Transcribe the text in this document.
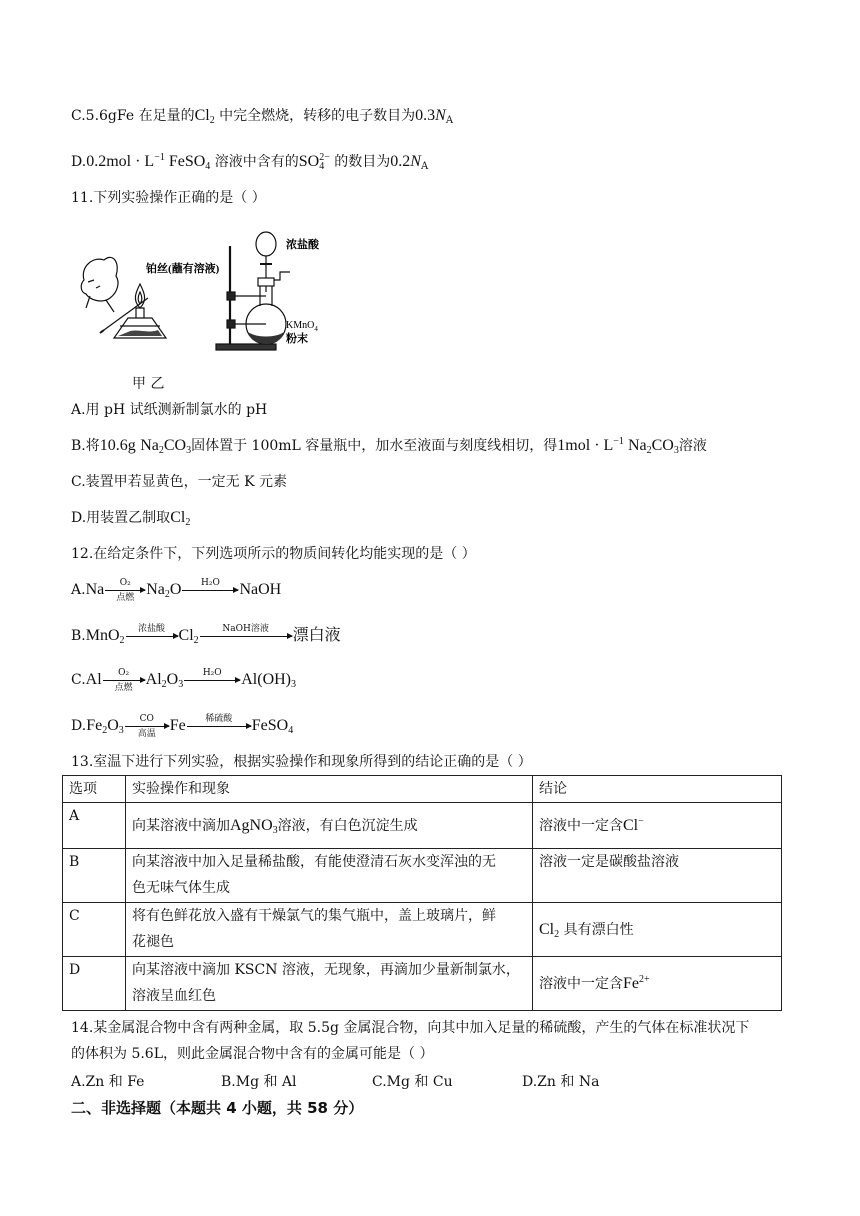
C.5.6gFe 在足量的$Cl_2$ 中完全燃烧，转移的电子数目为$0.3N_A$
$D.0.2mol \cdot L^{-1}$ FeSO$_4$ 溶液中含有的$SO_4^{2-}$ 的数目为$0.2N_A$
11.下列实验操作正确的是（ ）
铂丝(蘸有溶液)
浓盐酸
KMnO$_4$
粉末
甲 乙
A.用 pH 试纸测新制氯水的 pH
B.将10.6g $Na_2CO_3$固体置于 100mL 容量瓶中，加水至液面与刻度线相切，得$1mol \cdot L^{-1}$ $Na_2CO_3$溶液
C.装置甲若显黄色，一定无 K 元素
D.用装置乙制取$Cl_2$
12.在给定条件下，下列选项所示的物质间转化均能实现的是（ ）
A.Na	O₂
点燃 $Na_2O$	H₂O	NaOH
B.MnO$_2$
浓盐酸 $Cl_2$
NaOH溶液	漂白液
C.Al	O₂
点燃 $Al_2O_3$
H₂O	$Al(OH)_3$
$D.Fe_2O_3$
CO
高温 Fe	稀硫酸	FeSO$_4$
13.室温下进行下列实验，根据实验操作和现象所得到的结论正确的是（ ）
选项	实验操作和现象	结论
A	向某溶液中滴加AgNO$_3$溶液，有白色沉淀生成	溶液中一定含Cl−
B	向某溶液中加入足量稀盐酸，有能使澄清石灰水变浑浊的无
色无味气体生成	溶液一定是碳酸盐溶液
C	将有色鲜花放入盛有干燥氯气的集气瓶中，盖上玻璃片，鲜
花褪色	$Cl_2$ 具有漂白性
D	向某溶液中滴加 KSCN 溶液，无现象，再滴加少量新制氯水，
溶液呈血红色	溶液中一定含$Fe^{2+}$
14.某金属混合物中含有两种金属，取 5.5g 金属混合物，向其中加入足量的稀硫酸，产生的气体在标准状况下
的体积为 5.6L，则此金属混合物中含有的金属可能是（ ）
A.Zn 和 Fe	B.Mg 和 Al	C.Mg 和 Cu	D.Zn 和 Na
二、非选择题（本题共 4 小题，共 58 分）
